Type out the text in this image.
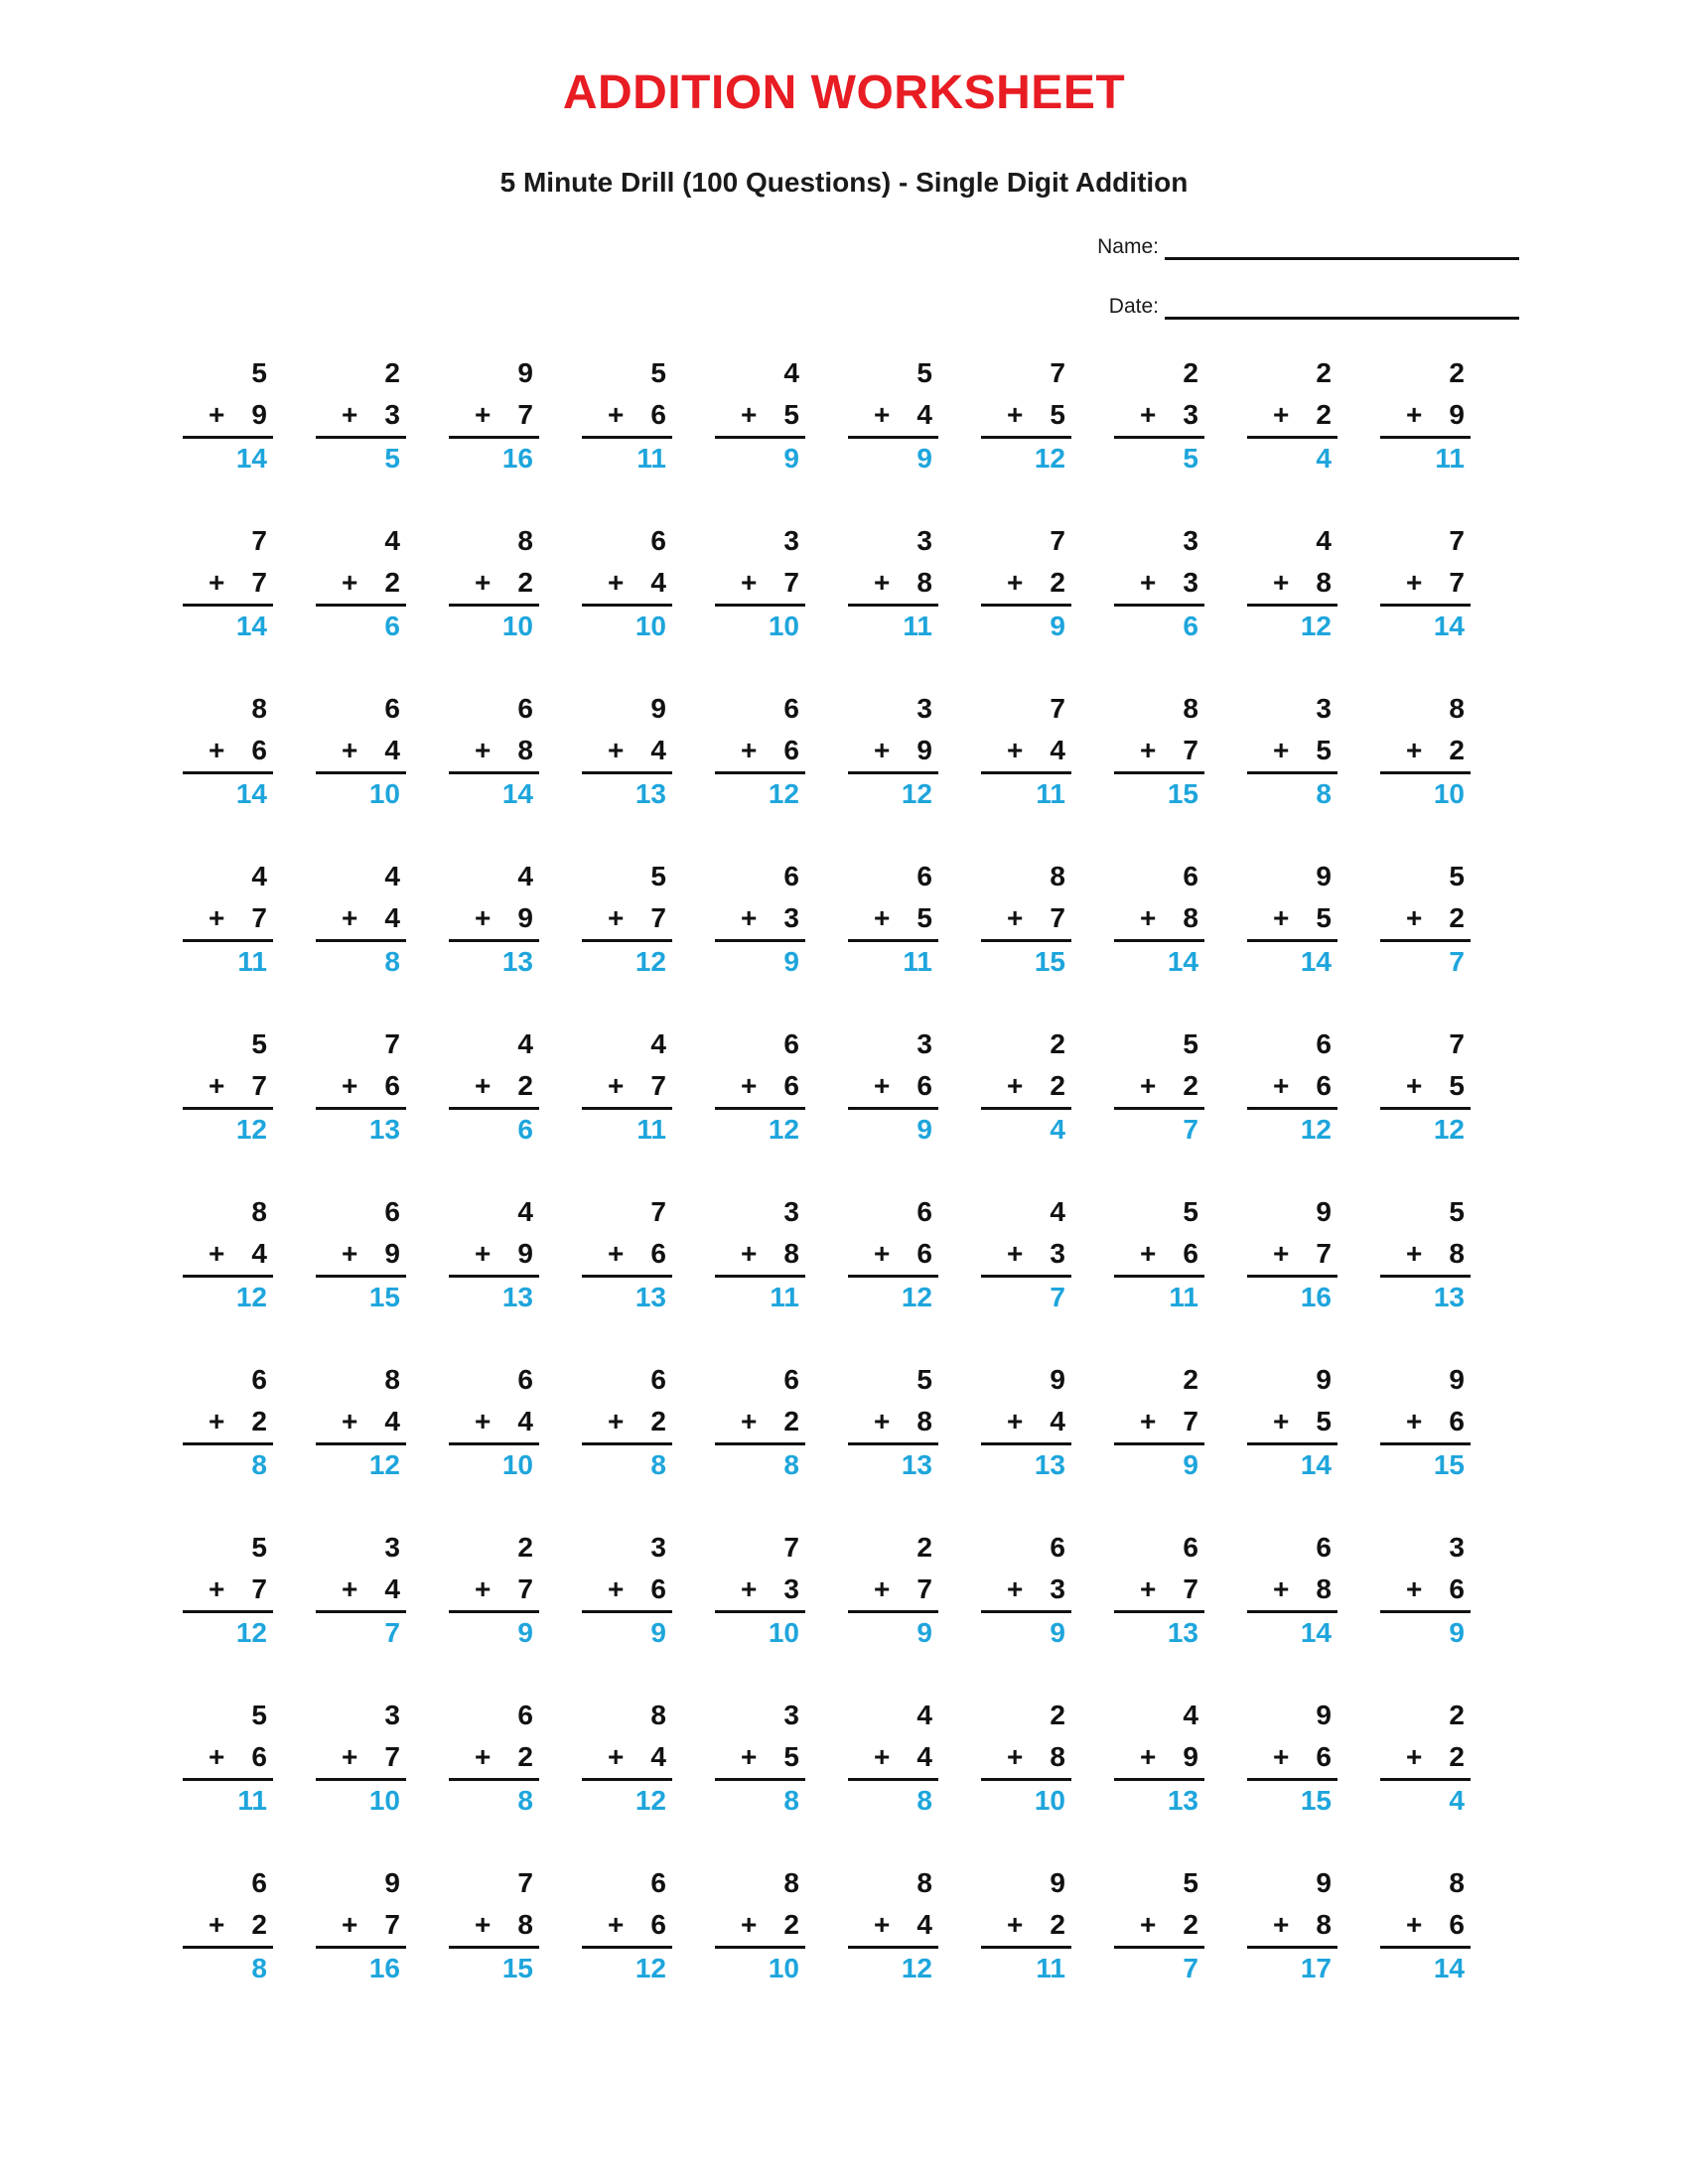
ADDITION WORKSHEET
5 Minute Drill (100 Questions) - Single Digit Addition
Name:
Date:
5
+ 9
14
2
+ 3
5
9
+ 7
16
5
+ 6
11
4
+ 5
9
5
+ 4
9
7
+ 5
12
2
+ 3
5
2
+ 2
4
2
+ 9
11
7
+ 7
14
4
+ 2
6
8
+ 2
10
6
+ 4
10
3
+ 7
10
3
+ 8
11
7
+ 2
9
3
+ 3
6
4
+ 8
12
7
+ 7
14
8
+ 6
14
6
+ 4
10
6
+ 8
14
9
+ 4
13
6
+ 6
12
3
+ 9
12
7
+ 4
11
8
+ 7
15
3
+ 5
8
8
+ 2
10
4
+ 7
11
4
+ 4
8
4
+ 9
13
5
+ 7
12
6
+ 3
9
6
+ 5
11
8
+ 7
15
6
+ 8
14
9
+ 5
14
5
+ 2
7
5
+ 7
12
7
+ 6
13
4
+ 2
6
4
+ 7
11
6
+ 6
12
3
+ 6
9
2
+ 2
4
5
+ 2
7
6
+ 6
12
7
+ 5
12
8
+ 4
12
6
+ 9
15
4
+ 9
13
7
+ 6
13
3
+ 8
11
6
+ 6
12
4
+ 3
7
5
+ 6
11
9
+ 7
16
5
+ 8
13
6
+ 2
8
8
+ 4
12
6
+ 4
10
6
+ 2
8
6
+ 2
8
5
+ 8
13
9
+ 4
13
2
+ 7
9
9
+ 5
14
9
+ 6
15
5
+ 7
12
3
+ 4
7
2
+ 7
9
3
+ 6
9
7
+ 3
10
2
+ 7
9
6
+ 3
9
6
+ 7
13
6
+ 8
14
3
+ 6
9
5
+ 6
11
3
+ 7
10
6
+ 2
8
8
+ 4
12
3
+ 5
8
4
+ 4
8
2
+ 8
10
4
+ 9
13
9
+ 6
15
2
+ 2
4
6
+ 2
8
9
+ 7
16
7
+ 8
15
6
+ 6
12
8
+ 2
10
8
+ 4
12
9
+ 2
11
5
+ 2
7
9
+ 8
17
8
+ 6
14
